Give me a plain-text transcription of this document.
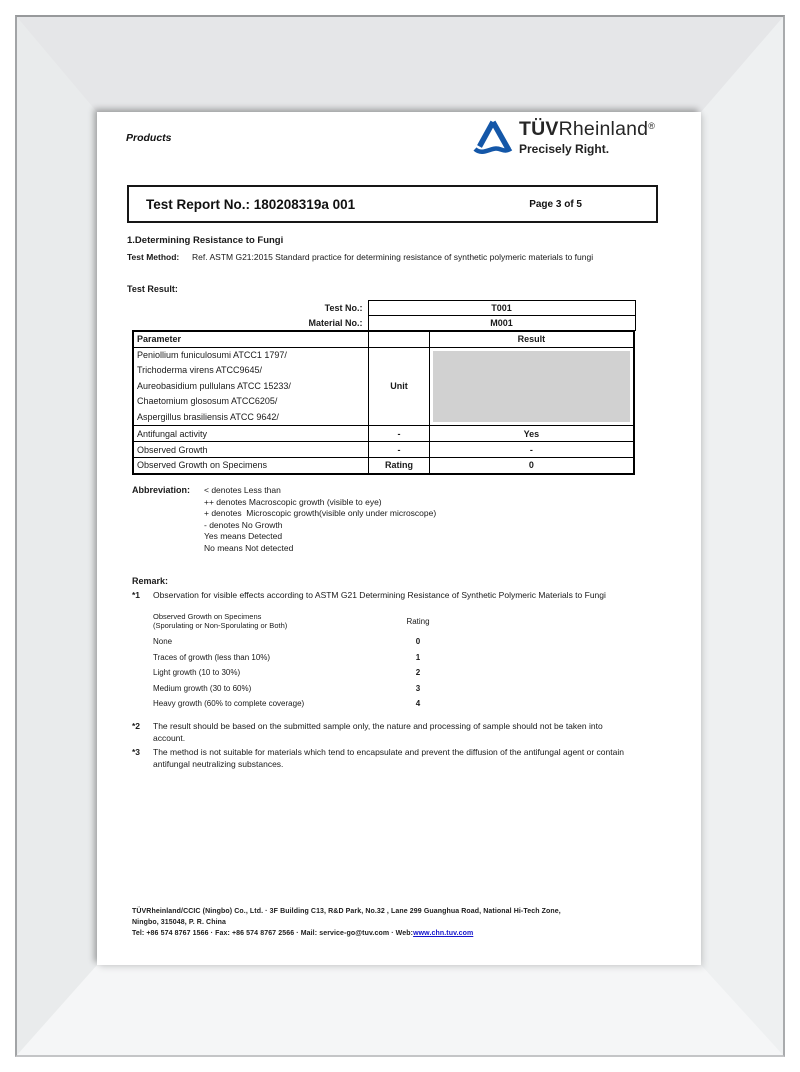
Products	TÜVRheinland®
Precisely Right.
Test Report No.: 180208319a 001	Page 3 of 5
1.Determining Resistance to Fungi
Test Method:	Ref. ASTM G21:2015 Standard practice for determining resistance of synthetic polymeric materials to fungi
Test Result:
Test No.:	T001
Material No.:	M001
Parameter		Result

Peniollium funiculosumi ATCC1 1797/
Trichoderma virens ATCC9645/
Aureobasidium pullulans ATCC 15233/
Chaetomium glososum ATCC6205/
Aspergillus brasiliensis ATCC 9642/	Unit	

Antifungal activity	-	Yes
Observed Growth	-	-
Observed Growth on Specimens	Rating	0
Abbreviation:	< denotes Less than
++ denotes Macroscopic growth (visible to eye)
+ denotes  Microscopic growth(visible only under microscope)
- denotes No Growth
Yes means Detected
No means Not detected
Remark:
*1	Observation for visible effects according to ASTM G21 Determining Resistance of Synthetic Polymeric Materials to Fungi
Observed Growth on Specimens
(Sporulating or Non-Sporulating or Both)	Rating
None	0
Traces of growth (less than 10%)	1
Light growth (10 to 30%)	2
Medium growth (30 to 60%)	3
Heavy growth (60% to complete coverage)	4
*2	The result should be based on the submitted sample only, the nature and processing of sample should not be taken into account.
*3	The method is not suitable for materials which tend to encapsulate and prevent the diffusion of the antifungal agent or contain antifungal neutralizing substances.
TÜVRheinland/CCIC (Ningbo) Co., Ltd. · 3F Building C13, R&D Park, No.32 , Lane 299 Guanghua Road, National Hi-Tech Zone,
Ningbo, 315048, P. R. China
Tel: +86 574 8767 1566 · Fax: +86 574 8767 2566 · Mail: service-go@tuv.com · Web:www.chn.tuv.com
